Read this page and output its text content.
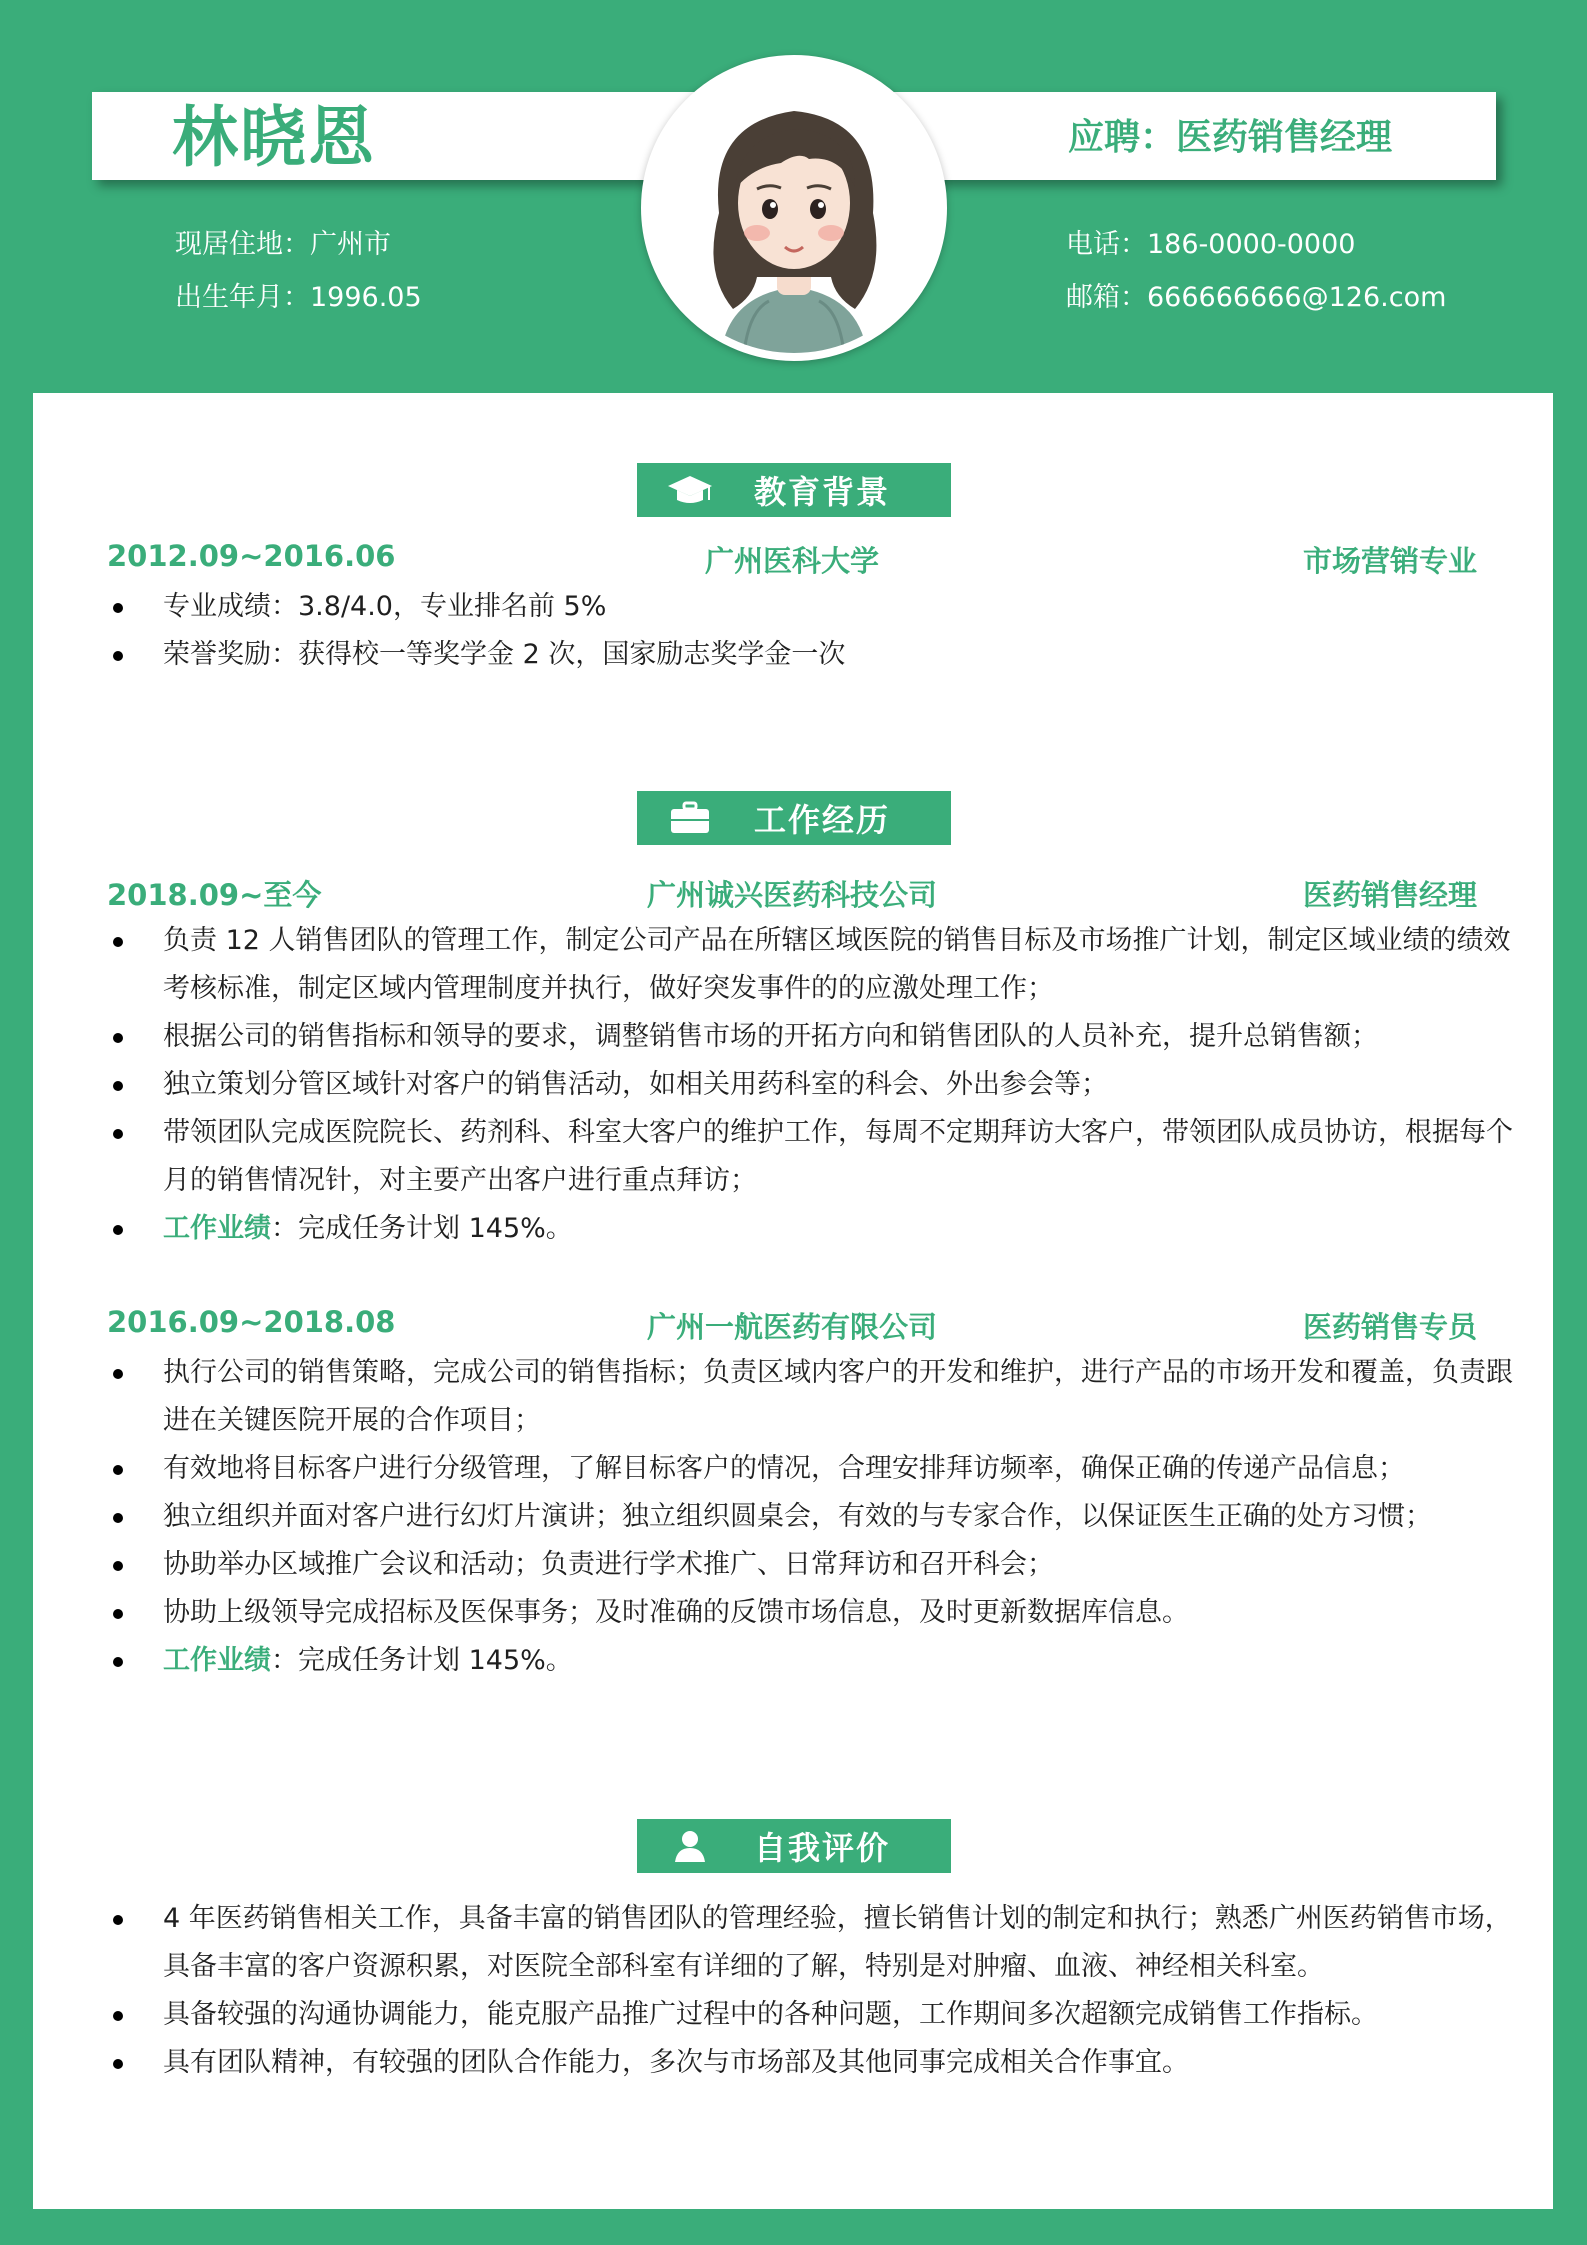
林晓恩	应聘：医药销售经理
现居住地：广州市
出生年月：1996.05
电话：186-0000-0000
邮箱：666666666@126.com
教育背景
2012.09~2016.06	广州医科大学	市场营销专业
专业成绩：3.8/4.0，专业排名前 5%
荣誉奖励：获得校一等奖学金 2 次，国家励志奖学金一次
工作经历
2018.09~至今	广州诚兴医药科技公司	医药销售经理
负责 12 人销售团队的管理工作，制定公司产品在所辖区域医院的销售目标及市场推广计划，制定区域业绩的绩效考核标准，制定区域内管理制度并执行，做好突发事件的的应激处理工作；
根据公司的销售指标和领导的要求，调整销售市场的开拓方向和销售团队的人员补充，提升总销售额；
独立策划分管区域针对客户的销售活动，如相关用药科室的科会、外出参会等；
带领团队完成医院院长、药剂科、科室大客户的维护工作，每周不定期拜访大客户，带领团队成员协访，根据每个月的销售情况针，对主要产出客户进行重点拜访；
工作业绩：完成任务计划 145%。
2016.09~2018.08	广州一航医药有限公司	医药销售专员
执行公司的销售策略，完成公司的销售指标；负责区域内客户的开发和维护，进行产品的市场开发和覆盖，负责跟进在关键医院开展的合作项目；
有效地将目标客户进行分级管理，了解目标客户的情况，合理安排拜访频率，确保正确的传递产品信息；
独立组织并面对客户进行幻灯片演讲；独立组织圆桌会，有效的与专家合作，以保证医生正确的处方习惯；
协助举办区域推广会议和活动；负责进行学术推广、日常拜访和召开科会；
协助上级领导完成招标及医保事务；及时准确的反馈市场信息，及时更新数据库信息。
工作业绩：完成任务计划 145%。
自我评价
4 年医药销售相关工作，具备丰富的销售团队的管理经验，擅长销售计划的制定和执行；熟悉广州医药销售市场，具备丰富的客户资源积累，对医院全部科室有详细的了解，特别是对肿瘤、血液、神经相关科室。
具备较强的沟通协调能力，能克服产品推广过程中的各种问题，工作期间多次超额完成销售工作指标。
具有团队精神，有较强的团队合作能力，多次与市场部及其他同事完成相关合作事宜。
